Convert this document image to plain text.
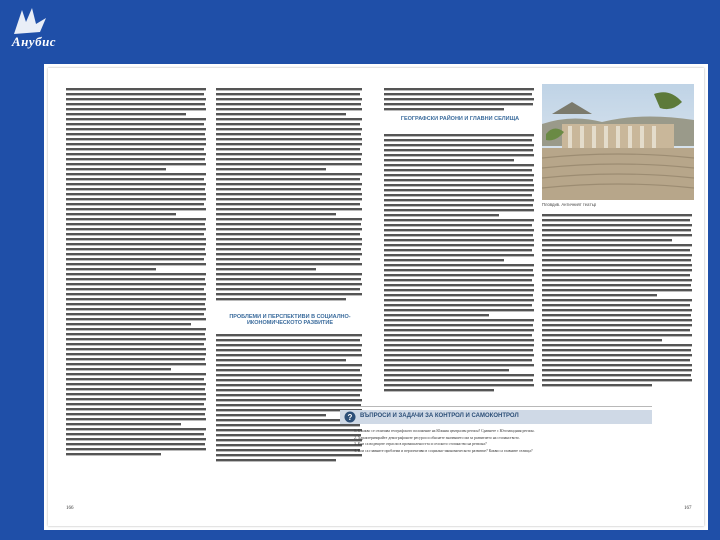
Анубис
ПРОБЛЕМИ И ПЕРСПЕКТИВИ В СОЦИАЛНО-ИКОНОМИЧЕСКОТО РАЗВИТИЕ
166
ГЕОГРАФСКИ РАЙОНИ И ГЛАВНИ СЕЛИЩА
Пловдив. Античният театър
? ВЪПРОСИ И ЗАДАЧИ ЗА КОНТРОЛ И САМОКОНТРОЛ
1. С какво се отличава географското положение на Южния централен регион? Сравнете с Югозападния регион.
2. Характеризирайте демографските ресурси и обяснете значението им за развитието на стопанството.
3. Кои са водещите отрасли в промишлеността и селското стопанство на региона?
4. Кои са главните проблеми и перспективи в социално-икономическото развитие? Какви са главните селища?
167
